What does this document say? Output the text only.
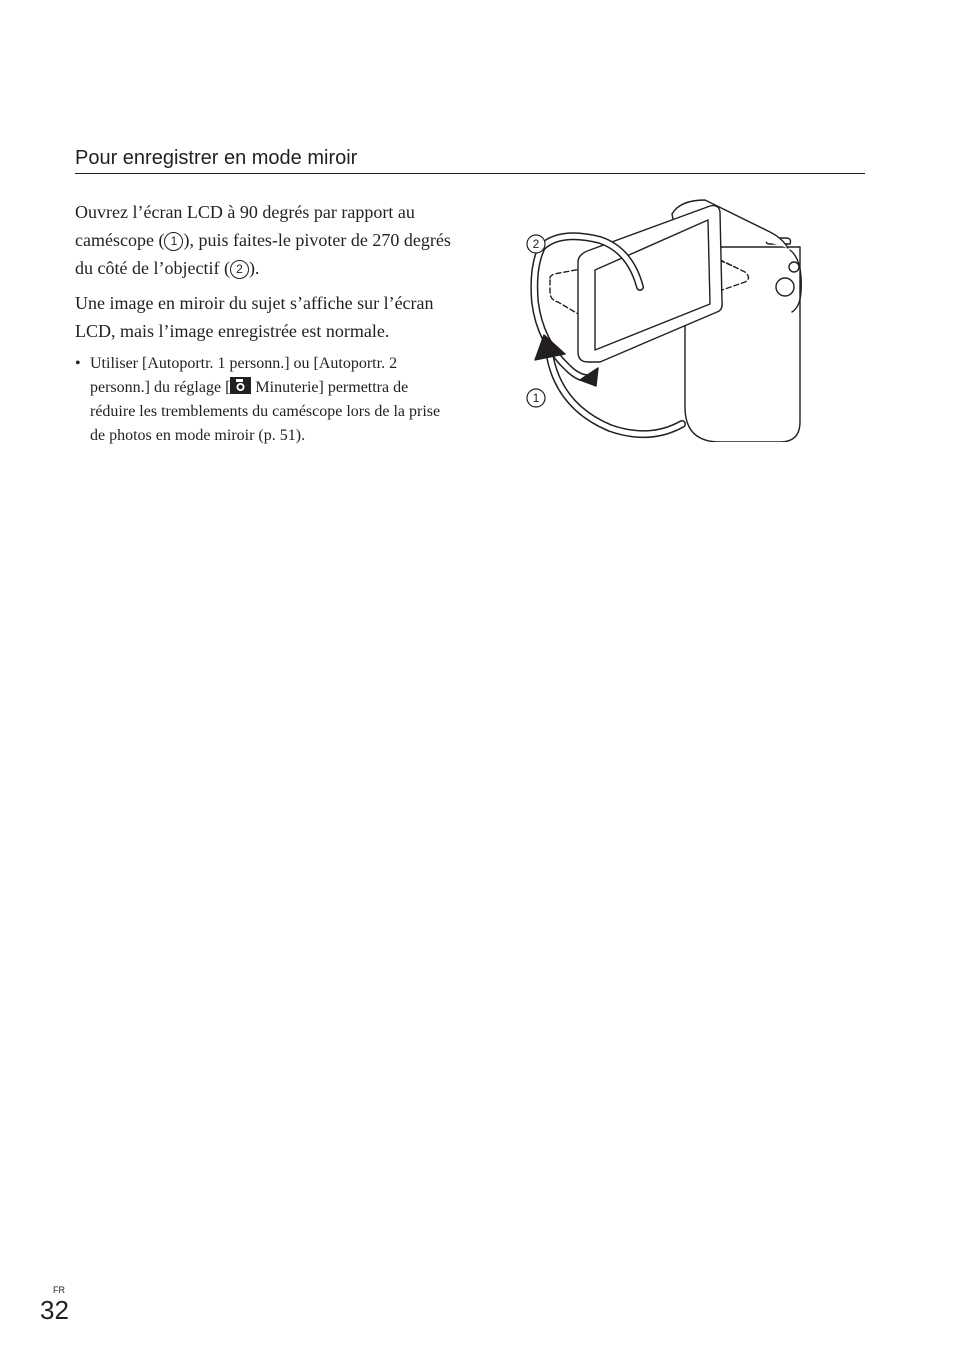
Pour enregistrer en mode miroir

Ouvrez l’écran LCD à 90 degrés par rapport au caméscope ( 1 ), puis faites-le pivoter de 270 degrés du côté de l’objectif ( 2 ).

Une image en miroir du sujet s’affiche sur l’écran LCD, mais l’image enregistrée est normale.

• Utiliser [Autoportr. 1 personn.] ou [Autoportr. 2 personn.] du réglage [ Minuterie] permettra de réduire les tremblements du caméscope lors de la prise de photos en mode miroir (p. 51).

2
1
FR
32
